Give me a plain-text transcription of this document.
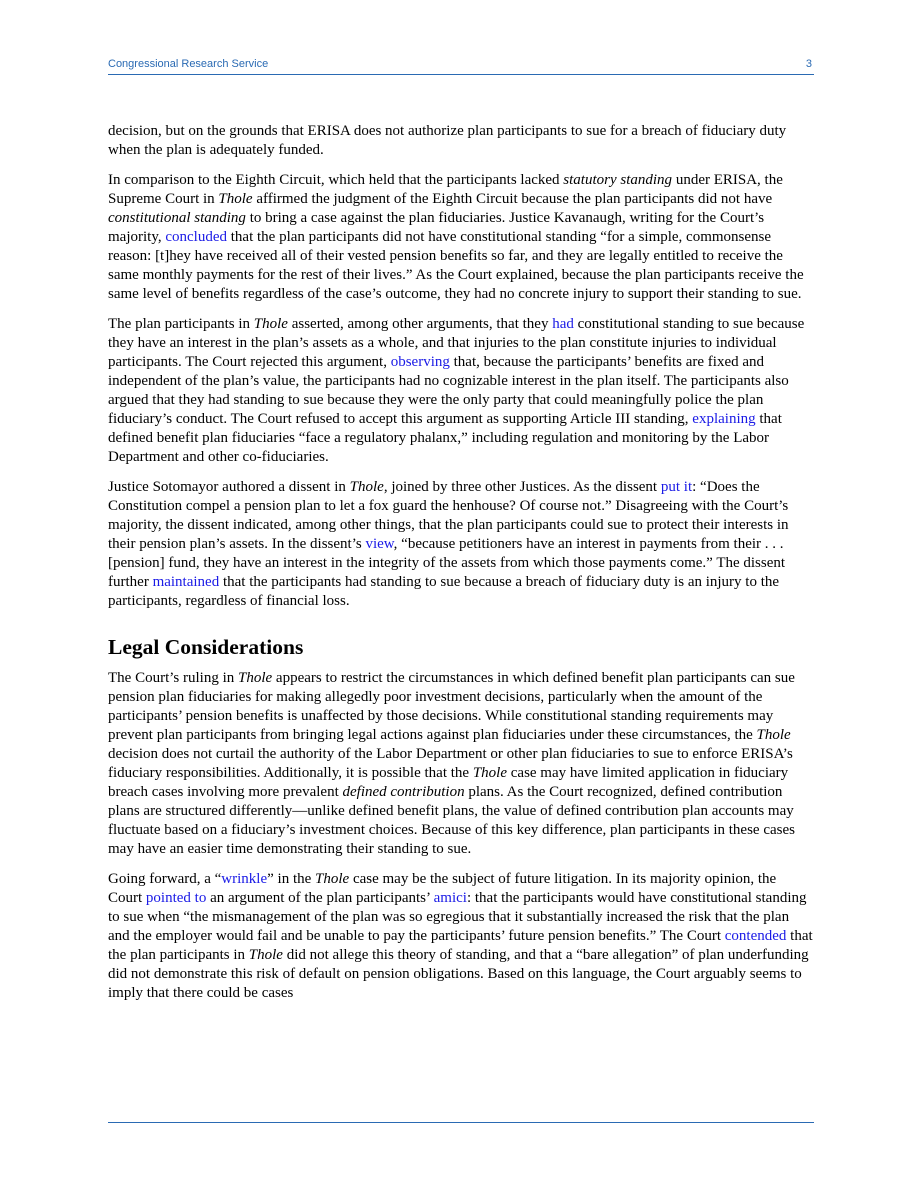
Congressional Research Service	3

decision, but on the grounds that ERISA does not authorize plan participants to sue for a breach of fiduciary duty when the plan is adequately funded.

In comparison to the Eighth Circuit, which held that the participants lacked statutory standing under ERISA, the Supreme Court in Thole affirmed the judgment of the Eighth Circuit because the plan participants did not have constitutional standing to bring a case against the plan fiduciaries. Justice Kavanaugh, writing for the Court’s majority, concluded that the plan participants did not have constitutional standing “for a simple, commonsense reason: [t]hey have received all of their vested pension benefits so far, and they are legally entitled to receive the same monthly payments for the rest of their lives.” As the Court explained, because the plan participants receive the same level of benefits regardless of the case’s outcome, they had no concrete injury to support their standing to sue.

The plan participants in Thole asserted, among other arguments, that they had constitutional standing to sue because they have an interest in the plan’s assets as a whole, and that injuries to the plan constitute injuries to individual participants. The Court rejected this argument, observing that, because the participants’ benefits are fixed and independent of the plan’s value, the participants had no cognizable interest in the plan itself. The participants also argued that they had standing to sue because they were the only party that could meaningfully police the plan fiduciary’s conduct. The Court refused to accept this argument as supporting Article III standing, explaining that defined benefit plan fiduciaries “face a regulatory phalanx,” including regulation and monitoring by the Labor Department and other co-fiduciaries.

Justice Sotomayor authored a dissent in Thole, joined by three other Justices. As the dissent put it: “Does the Constitution compel a pension plan to let a fox guard the henhouse? Of course not.” Disagreeing with the Court’s majority, the dissent indicated, among other things, that the plan participants could sue to protect their interests in their pension plan’s assets. In the dissent’s view, “because petitioners have an interest in payments from their . . . [pension] fund, they have an interest in the integrity of the assets from which those payments come.” The dissent further maintained that the participants had standing to sue because a breach of fiduciary duty is an injury to the participants, regardless of financial loss.

Legal Considerations

The Court’s ruling in Thole appears to restrict the circumstances in which defined benefit plan participants can sue pension plan fiduciaries for making allegedly poor investment decisions, particularly when the amount of the participants’ pension benefits is unaffected by those decisions. While constitutional standing requirements may prevent plan participants from bringing legal actions against plan fiduciaries under these circumstances, the Thole decision does not curtail the authority of the Labor Department or other plan fiduciaries to sue to enforce ERISA’s fiduciary responsibilities. Additionally, it is possible that the Thole case may have limited application in fiduciary breach cases involving more prevalent defined contribution plans. As the Court recognized, defined contribution plans are structured differently—unlike defined benefit plans, the value of defined contribution plan accounts may fluctuate based on a fiduciary’s investment choices. Because of this key difference, plan participants in these cases may have an easier time demonstrating their standing to sue.

Going forward, a “wrinkle” in the Thole case may be the subject of future litigation. In its majority opinion, the Court pointed to an argument of the plan participants’ amici: that the participants would have constitutional standing to sue when “the mismanagement of the plan was so egregious that it substantially increased the risk that the plan and the employer would fail and be unable to pay the participants’ future pension benefits.” The Court contended that the plan participants in Thole did not allege this theory of standing, and that a “bare allegation” of plan underfunding did not demonstrate this risk of default on pension obligations. Based on this language, the Court arguably seems to imply that there could be cases
